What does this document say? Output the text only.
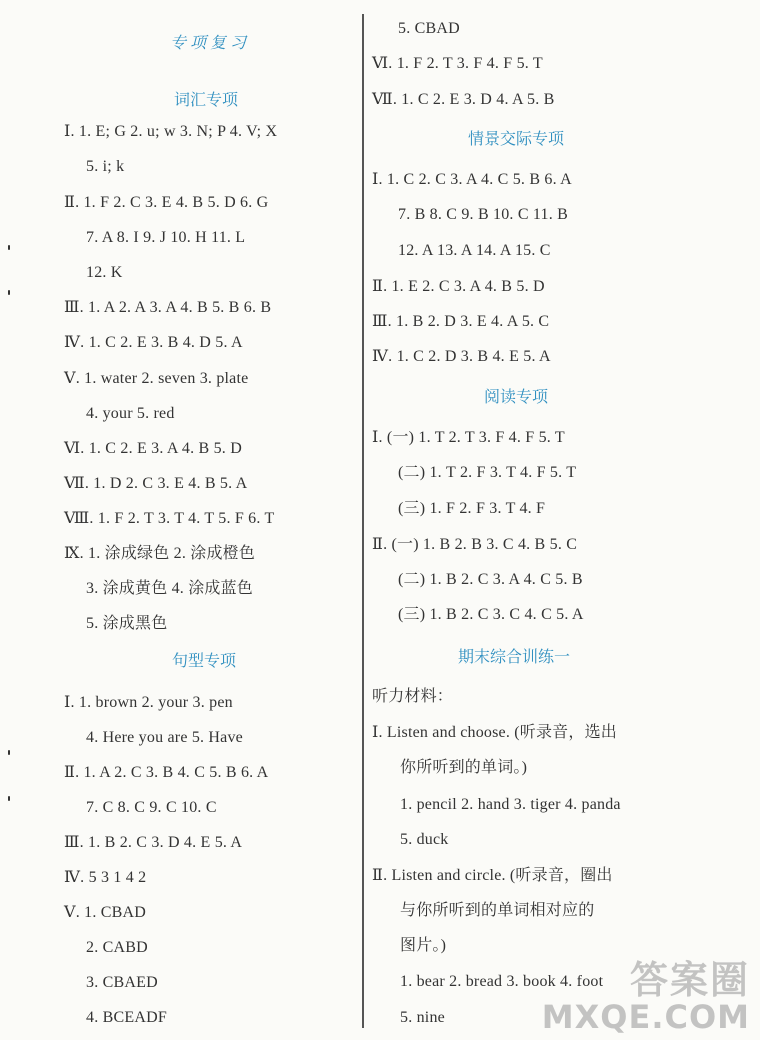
专项复习
词汇专项
Ⅰ. 1. E; G 2. u; w 3. N; P 4. V; X
5. i; k
Ⅱ. 1. F 2. C 3. E 4. B 5. D 6. G
7. A 8. I 9. J 10. H 11. L
12. K
Ⅲ. 1. A 2. A 3. A 4. B 5. B 6. B
Ⅳ. 1. C 2. E 3. B 4. D 5. A
Ⅴ. 1. water 2. seven 3. plate
4. your 5. red
Ⅵ. 1. C 2. E 3. A 4. B 5. D
Ⅶ. 1. D 2. C 3. E 4. B 5. A
Ⅷ. 1. F 2. T 3. T 4. T 5. F 6. T
Ⅸ. 1. 涂成绿色 2. 涂成橙色
3. 涂成黄色 4. 涂成蓝色
5. 涂成黑色
句型专项
Ⅰ. 1. brown 2. your 3. pen
4. Here you are 5. Have
Ⅱ. 1. A 2. C 3. B 4. C 5. B 6. A
7. C 8. C 9. C 10. C
Ⅲ. 1. B 2. C 3. D 4. E 5. A
Ⅳ. 5 3 1 4 2
Ⅴ. 1. CBAD
2. CABD
3. CBAED
4. BCEADF
5. CBAD
Ⅵ. 1. F 2. T 3. F 4. F 5. T
Ⅶ. 1. C 2. E 3. D 4. A 5. B
情景交际专项
Ⅰ. 1. C 2. C 3. A 4. C 5. B 6. A
7. B 8. C 9. B 10. C 11. B
12. A 13. A 14. A 15. C
Ⅱ. 1. E 2. C 3. A 4. B 5. D
Ⅲ. 1. B 2. D 3. E 4. A 5. C
Ⅳ. 1. C 2. D 3. B 4. E 5. A
阅读专项
Ⅰ. (一) 1. T 2. T 3. F 4. F 5. T
(二) 1. T 2. F 3. T 4. F 5. T
(三) 1. F 2. F 3. T 4. F
Ⅱ. (一) 1. B 2. B 3. C 4. B 5. C
(二) 1. B 2. C 3. A 4. C 5. B
(三) 1. B 2. C 3. C 4. C 5. A
期末综合训练一
听力材料：
Ⅰ. Listen and choose. (听录音，选出
你所听到的单词。)
1. pencil 2. hand 3. tiger 4. panda
5. duck
Ⅱ. Listen and circle. (听录音，圈出
与你所听到的单词相对应的
图片。)
1. bear 2. bread 3. book 4. foot
5. nine
答案圈
MXQE.COM
